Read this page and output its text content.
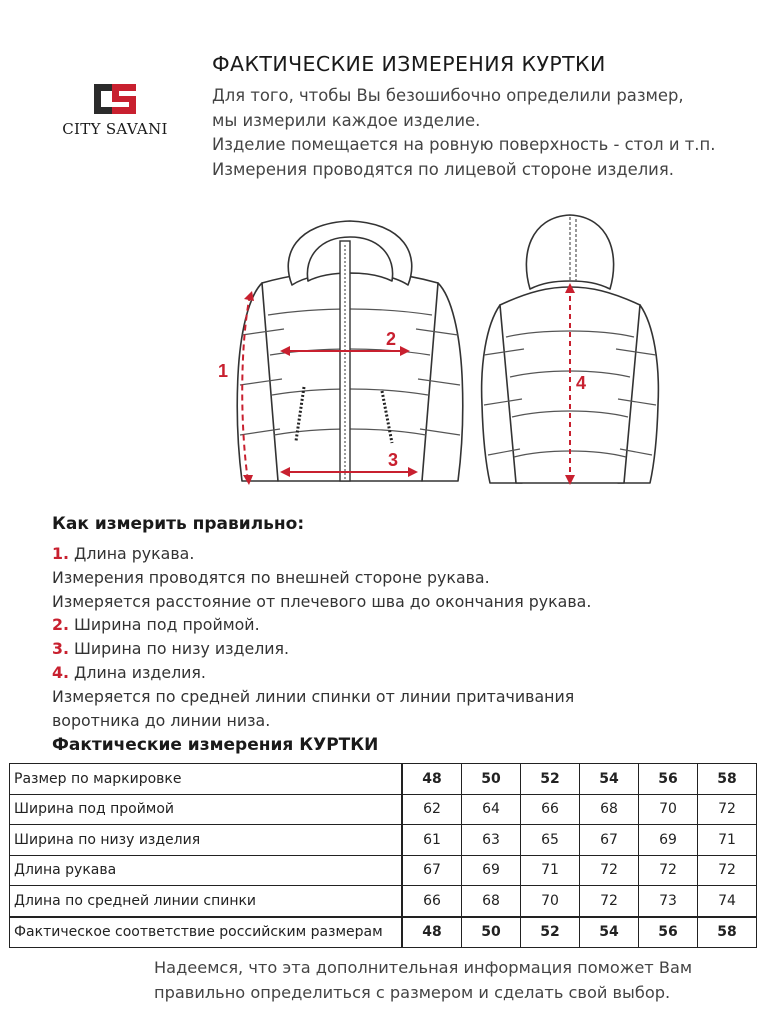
CITY SAVANI
ФАКТИЧЕСКИЕ ИЗМЕРЕНИЯ КУРТКИ
Для того, чтобы Вы безошибочно определили размер,
мы измерили каждое изделие.
Изделие помещается на ровную поверхность - стол и т.п.
Измерения проводятся по лицевой стороне изделия.
1
2
3
4
Как измерить правильно:
1. Длина рукава.
Измерения проводятся по внешней стороне рукава.
Измеряется расстояние от плечевого шва до окончания рукава.
2. Ширина под проймой.
3. Ширина по низу изделия.
4. Длина изделия.
Измеряется по средней линии спинки от линии притачивания
воротника до линии низа.
Фактические измерения КУРТКИ
Размер по маркировке	48	50	52	54	56	58
Ширина под проймой	62	64	66	68	70	72
Ширина по низу изделия	61	63	65	67	69	71
Длина рукава	67	69	71	72	72	72
Длина по средней линии спинки	66	68	70	72	73	74
Фактическое соответствие российским размерам	48	50	52	54	56	58
Надеемся, что эта дополнительная информация поможет Вам
правильно определиться с размером и сделать свой выбор.
